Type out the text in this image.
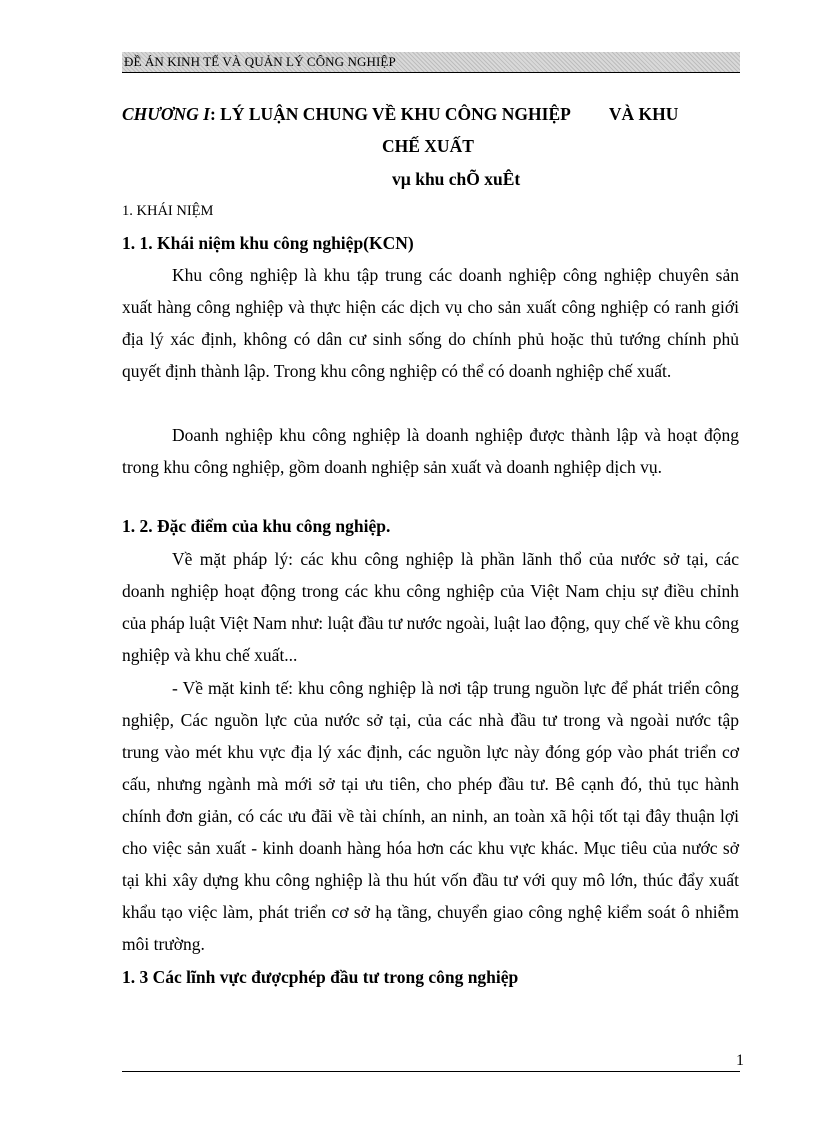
ĐỀ ÁN KINH TẾ VÀ QUẢN LÝ CÔNG NGHIỆP
CHƯƠNG I: LÝ LUẬN CHUNG VỀ KHU CÔNG NGHIỆP VÀ KHU
CHẾ XUẤT
vµ khu chÕ xuÊt
1. KHÁI NIỆM
1. 1. Khái niệm khu công nghiệp(KCN)

Khu công nghiệp là khu tập trung các doanh nghiệp công nghiệp chuyên sản xuất hàng công nghiệp và thực hiện các dịch vụ cho sản xuất công nghiệp có ranh giới địa lý xác định, không có dân cư sinh sống do chính phủ hoặc thủ tướng chính phủ quyết định thành lập. Trong khu công nghiệp có thể có doanh nghiệp chế xuất.

Doanh nghiệp khu công nghiệp là doanh nghiệp được thành lập và hoạt động trong khu công nghiệp, gồm doanh nghiệp sản xuất và doanh nghiệp dịch vụ.

1. 2. Đặc điểm của khu công nghiệp.

Về mặt pháp lý: các khu công nghiệp là phần lãnh thổ của nước sở tại, các doanh nghiệp hoạt động trong các khu công nghiệp của Việt Nam chịu sự điều chỉnh của pháp luật Việt Nam như: luật đầu tư nước ngoài, luật lao động, quy chế về khu công nghiệp và khu chế xuất...

- Về mặt kinh tế: khu công nghiệp là nơi tập trung nguồn lực để phát triển công nghiệp, Các nguồn lực của nước sở tại, của các nhà đầu tư trong và ngoài nước tập trung vào mét khu vực địa lý xác định, các nguồn lực này đóng góp vào phát triển cơ cấu, nhưng ngành mà mới sở tại ưu tiên, cho phép đầu tư. Bê cạnh đó, thủ tục hành chính đơn giản, có các ưu đãi về tài chính, an ninh, an toàn xã hội tốt tại đây thuận lợi cho việc sản xuất - kinh doanh hàng hóa hơn các khu vực khác. Mục tiêu của nước sở tại khi xây dựng khu công nghiệp là thu hút vốn đầu tư với quy mô lớn, thúc đẩy xuất khẩu tạo việc làm, phát triển cơ sở hạ tầng, chuyển giao công nghệ kiểm soát ô nhiễm môi trường.

1. 3 Các lĩnh vực đượcphép đầu tư trong công nghiệp
1
